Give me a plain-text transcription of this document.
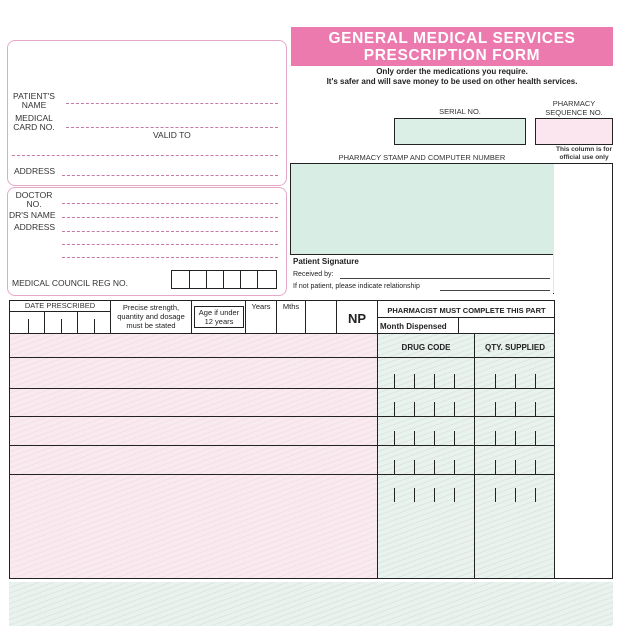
GENERAL MEDICAL SERVICES
PRESCRIPTION FORM
Only order the medications you require.
It's safer and will save money to be used on other health services.
PATIENT'S
NAME
MEDICAL
CARD NO.
VALID TO
ADDRESS
DOCTOR
NO.
DR'S NAME
ADDRESS
MEDICAL COUNCIL REG NO.
SERIAL NO.
PHARMACY
SEQUENCE NO.
This column is for
official use only
PHARMACY STAMP AND COMPUTER NUMBER
Patient Signature
Received by:
If not patient, please indicate relationship
DATE PRESCRIBED	Precise strength,
quantity and dosage
must be stated
Age if under
12 years
Years	Mths
NP
PHARMACIST MUST COMPLETE THIS PART
Month Dispensed
DRUG CODE	QTY. SUPPLIED
